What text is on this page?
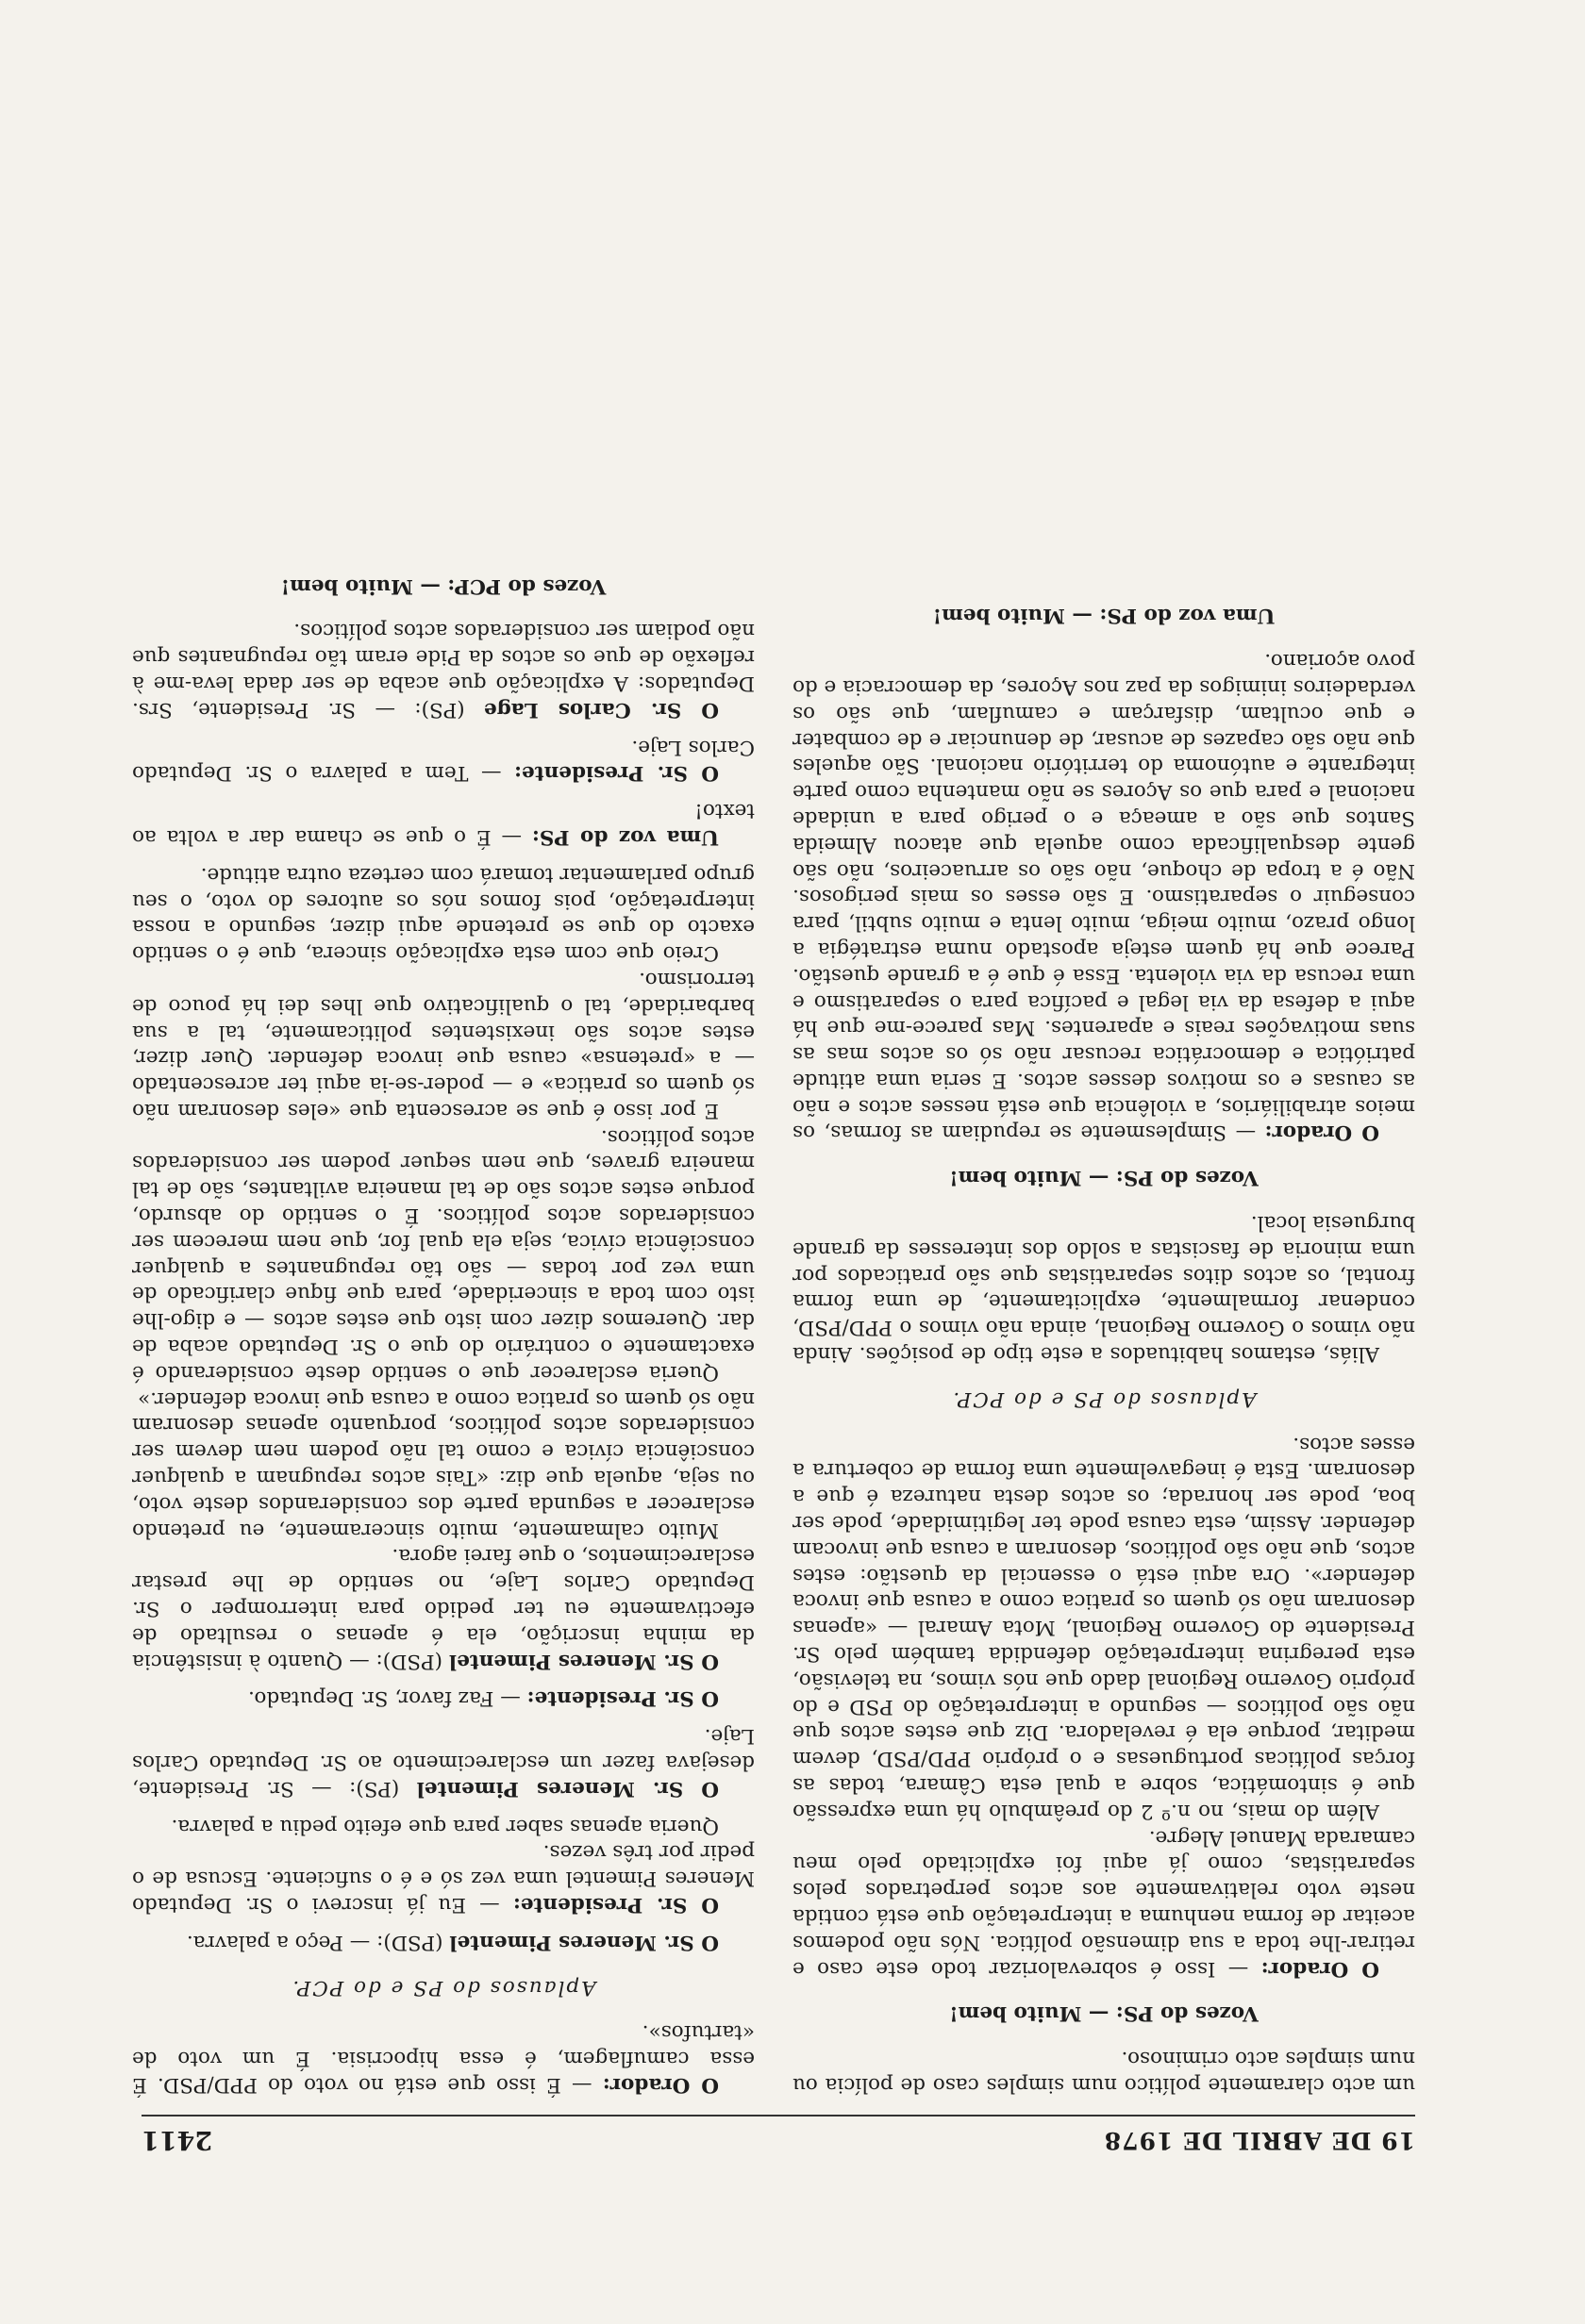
19 DE ABRIL DE 1978
2411

um acto claramente político num simples caso de polícia ou num simples acto criminoso.

Vozes do PS: — Muito bem!

O Orador: — Isso é sobrevalorizar todo este caso e retirar-lhe toda a sua dimensão política. Nós não podemos aceitar de forma nenhuma a interpretação que está contida neste voto relativamente aos actos perpetrados pelos separatistas, como já aqui foi explicitado pelo meu camarada Manuel Alegre.

Além do mais, no n.º 2 do preâmbulo há uma expressão que é sintomática, sobre a qual esta Câmara, todas as forças políticas portuguesas e o próprio PPD/PSD, devem meditar, porque ela é reveladora. Diz que estes actos que não são políticos — segundo a interpretação do PSD e do próprio Governo Regional dado que nós vimos, na televisão, esta peregrina interpretação defendida também pelo Sr. Presidente do Governo Regional, Mota Amaral — «apenas desonram não só quem os pratica como a causa que invoca defender». Ora aqui está o essencial da questão: estes actos, que não são políticos, desonram a causa que invocam defender. Assim, esta causa pode ter legitimidade, pode ser boa, pode ser honrada; os actos desta natureza é que a desonram. Esta é inegavelmente uma forma de cobertura a esses actos.

Aplausos do PS e do PCP.

Aliás, estamos habituados a este tipo de posições. Ainda não vimos o Governo Regional, ainda não vimos o PPD/PSD, condenar formalmente, explicitamente, de uma forma frontal, os actos ditos separatistas que são praticados por uma minoria de fascistas a soldo dos interesses da grande burguesia local.

Vozes do PS: — Muito bem!

O Orador: — Simplesmente se repudiam as formas, os meios atrabiliários, a violência que está nesses actos e não as causas e os motivos desses actos. E seria uma atitude patriótica e democrática recusar não só os actos mas as suas motivações reais e aparentes. Mas parece-me que há aqui a defesa da via legal e pacífica para o separatismo e uma recusa da via violenta. Essa é que é a grande questão. Parece que há quem esteja apostado numa estratégia a longo prazo, muito meiga, muito lenta e muito subtil, para conseguir o separatismo. E são esses os mais perigosos. Não é a tropa de choque, não são os arruaceiros, não são gente desqualificada como aquela que atacou Almeida Santos que são a ameaça e o perigo para a unidade nacional e para que os Açores se não mantenha como parte integrante e autónoma do território nacional. São aqueles que não são capazes de acusar, de denunciar e de combater e que ocultam, disfarçam e camuflam, que são os verdadeiros inimigos da paz nos Açores, da democracia e do povo açoriano.

Uma voz do PS: — Muito bem!

O Orador: — É isso que está no voto do PPD/PSD. É essa camuflagem, é essa hipocrisia. É um voto de «tartufos».

Aplausos do PS e do PCP.

O Sr. Meneres Pimentel (PSD): — Peço a palavra.

O Sr. Presidente: — Eu já inscrevi o Sr. Deputado Meneres Pimentel uma vez só e é o suficiente. Escusa de o pedir por três vezes.

Queria apenas saber para que efeito pediu a palavra.

O Sr. Meneres Pimentel (PS): — Sr. Presidente, desejava fazer um esclarecimento ao Sr. Deputado Carlos Laje.

O Sr. Presidente: — Faz favor, Sr. Deputado.

O Sr. Meneres Pimentel (PSD): — Quanto à insistência da minha inscrição, ela é apenas o resultado de efectivamente eu ter pedido para interromper o Sr. Deputado Carlos Laje, no sentido de lhe prestar esclarecimentos, o que farei agora.

Muito calmamente, muito sinceramente, eu pretendo esclarecer a segunda parte dos considerandos deste voto, ou seja, aquela que diz: «Tais actos repugnam a qualquer consciência cívica e como tal não podem nem devem ser considerados actos políticos, porquanto apenas desonram não só quem os pratica como a causa que invoca defender.»

Queria esclarecer que o sentido deste considerando é exactamente o contrário do que o Sr. Deputado acaba de dar. Queremos dizer com isto que estes actos — e digo-lhe isto com toda a sinceridade, para que fique clarificado de uma vez por todas — são tão repugnantes a qualquer consciência cívica, seja ela qual for, que nem merecem ser considerados actos políticos. É o sentido do absurdo, porque estes actos são de tal maneira aviltantes, são de tal maneira graves, que nem sequer podem ser considerados actos políticos.

E por isso é que se acrescenta que «eles desonram não só quem os pratica» e — poder-se-ia aqui ter acrescentado — a «pretensa» causa que invoca defender. Quer dizer, estes actos são inexistentes politicamente, tal a sua barbaridade, tal o qualificativo que lhes dei há pouco de terrorismo.

Creio que com esta explicação sincera, que é o sentido exacto do que se pretende aqui dizer, segundo a nossa interpretação, pois fomos nós os autores do voto, o seu grupo parlamentar tomará com certeza outra atitude.

Uma voz do PS: — É o que se chama dar a volta ao texto!

O Sr. Presidente: — Tem a palavra o Sr. Deputado Carlos Laje.

O Sr. Carlos Lage (PS): — Sr. Presidente, Srs. Deputados: A explicação que acaba de ser dada leva-me à reflexão de que os actos da Pide eram tão repugnantes que não podiam ser considerados actos políticos.

Vozes do PCP: — Muito bem!
